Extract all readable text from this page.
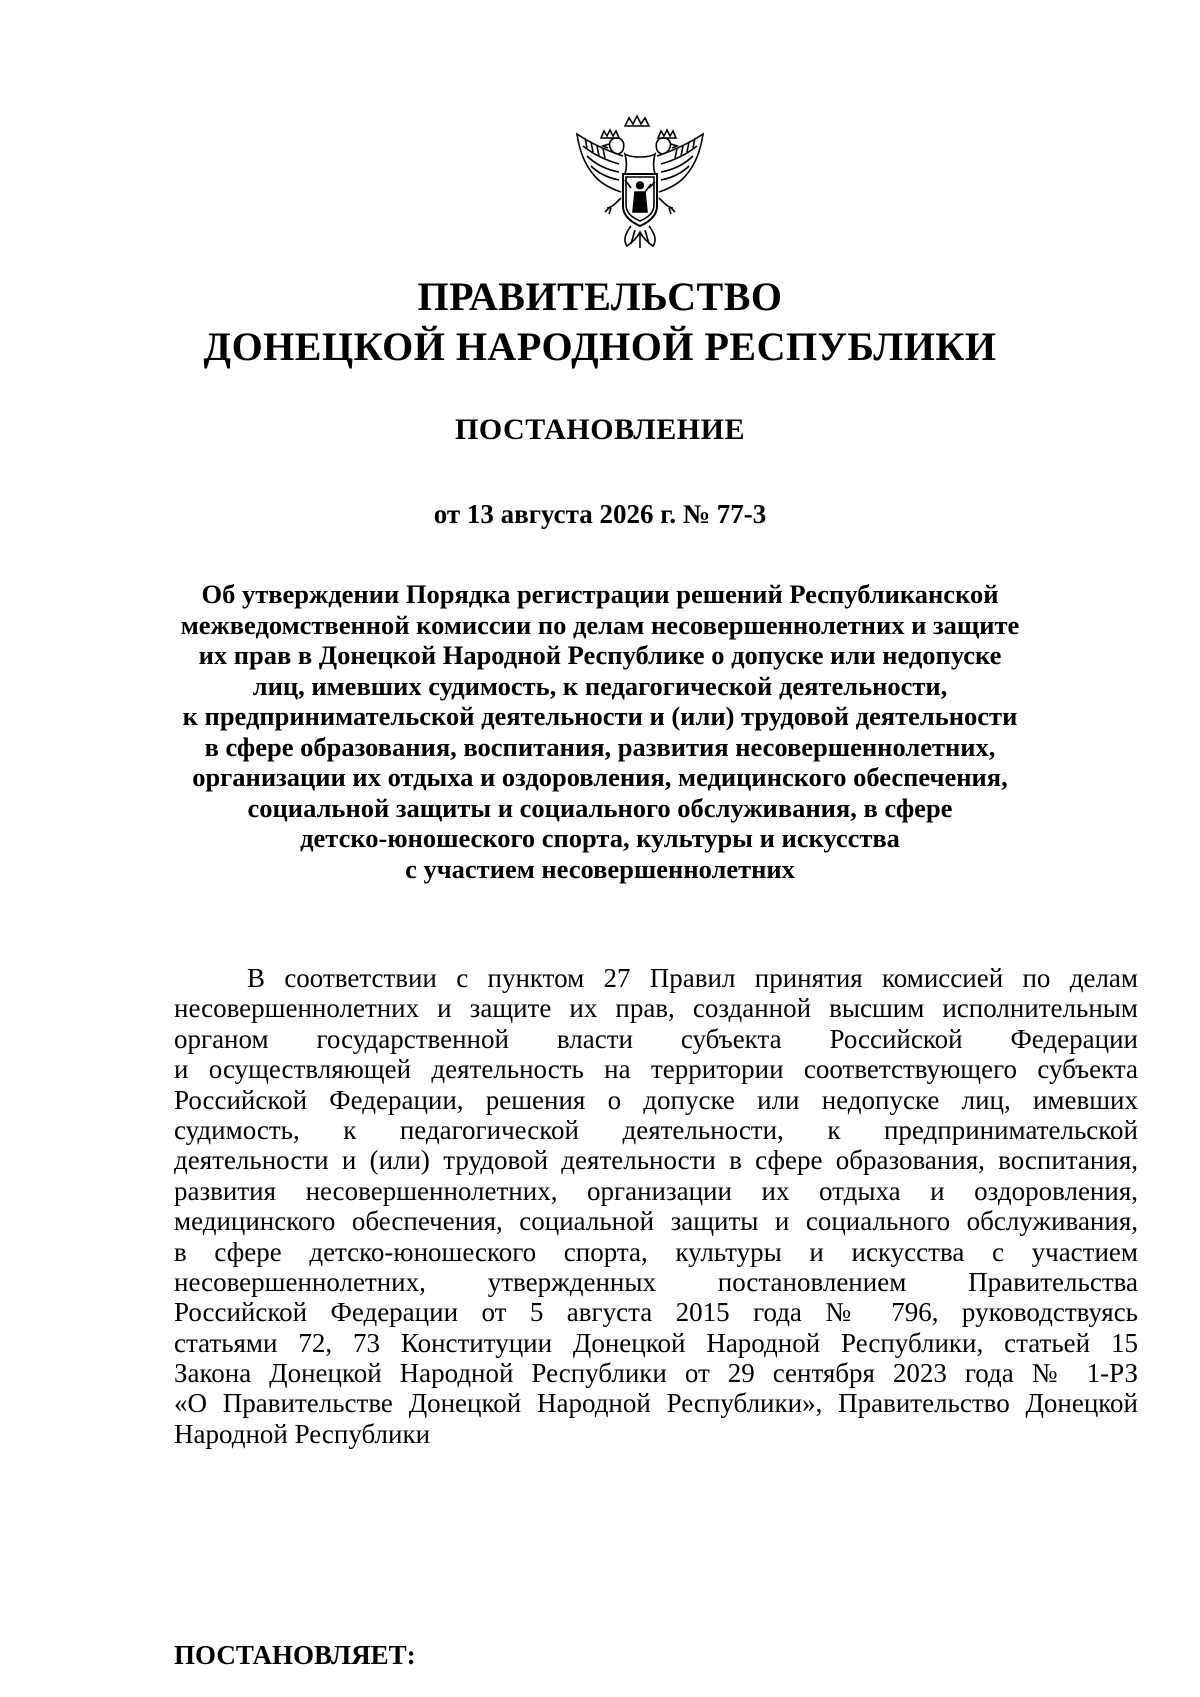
ПРАВИТЕЛЬСТВО
ДОНЕЦКОЙ НАРОДНОЙ РЕСПУБЛИКИ
ПОСТАНОВЛЕНИЕ
от 13 августа 2026 г. № 77-3
Об утверждении Порядка регистрации решений Республиканской
межведомственной комиссии по делам несовершеннолетних и защите
их прав в Донецкой Народной Республике о допуске или недопуске
лиц, имевших судимость, к педагогической деятельности,
к предпринимательской деятельности и (или) трудовой деятельности
в сфере образования, воспитания, развития несовершеннолетних,
организации их отдыха и оздоровления, медицинского обеспечения,
социальной защиты и социального обслуживания, в сфере
детско-юношеского спорта, культуры и искусства
с участием несовершеннолетних
В соответствии с пунктом 27 Правил принятия комиссией по делам
несовершеннолетних и защите их прав, созданной высшим исполнительным
органом государственной власти субъекта Российской Федерации
и осуществляющей деятельность на территории соответствующего субъекта
Российской Федерации, решения о допуске или недопуске лиц, имевших
судимость, к педагогической деятельности, к предпринимательской
деятельности и (или) трудовой деятельности в сфере образования, воспитания,
развития несовершеннолетних, организации их отдыха и оздоровления,
медицинского обеспечения, социальной защиты и социального обслуживания,
в сфере детско-юношеского спорта, культуры и искусства с участием
несовершеннолетних, утвержденных постановлением Правительства
Российской Федерации от 5 августа 2015 года № 796, руководствуясь
статьями 72, 73 Конституции Донецкой Народной Республики, статьей 15
Закона Донецкой Народной Республики от 29 сентября 2023 года № 1-РЗ
«О Правительстве Донецкой Народной Республики», Правительство Донецкой
Народной Республики
ПОСТАНОВЛЯЕТ:
